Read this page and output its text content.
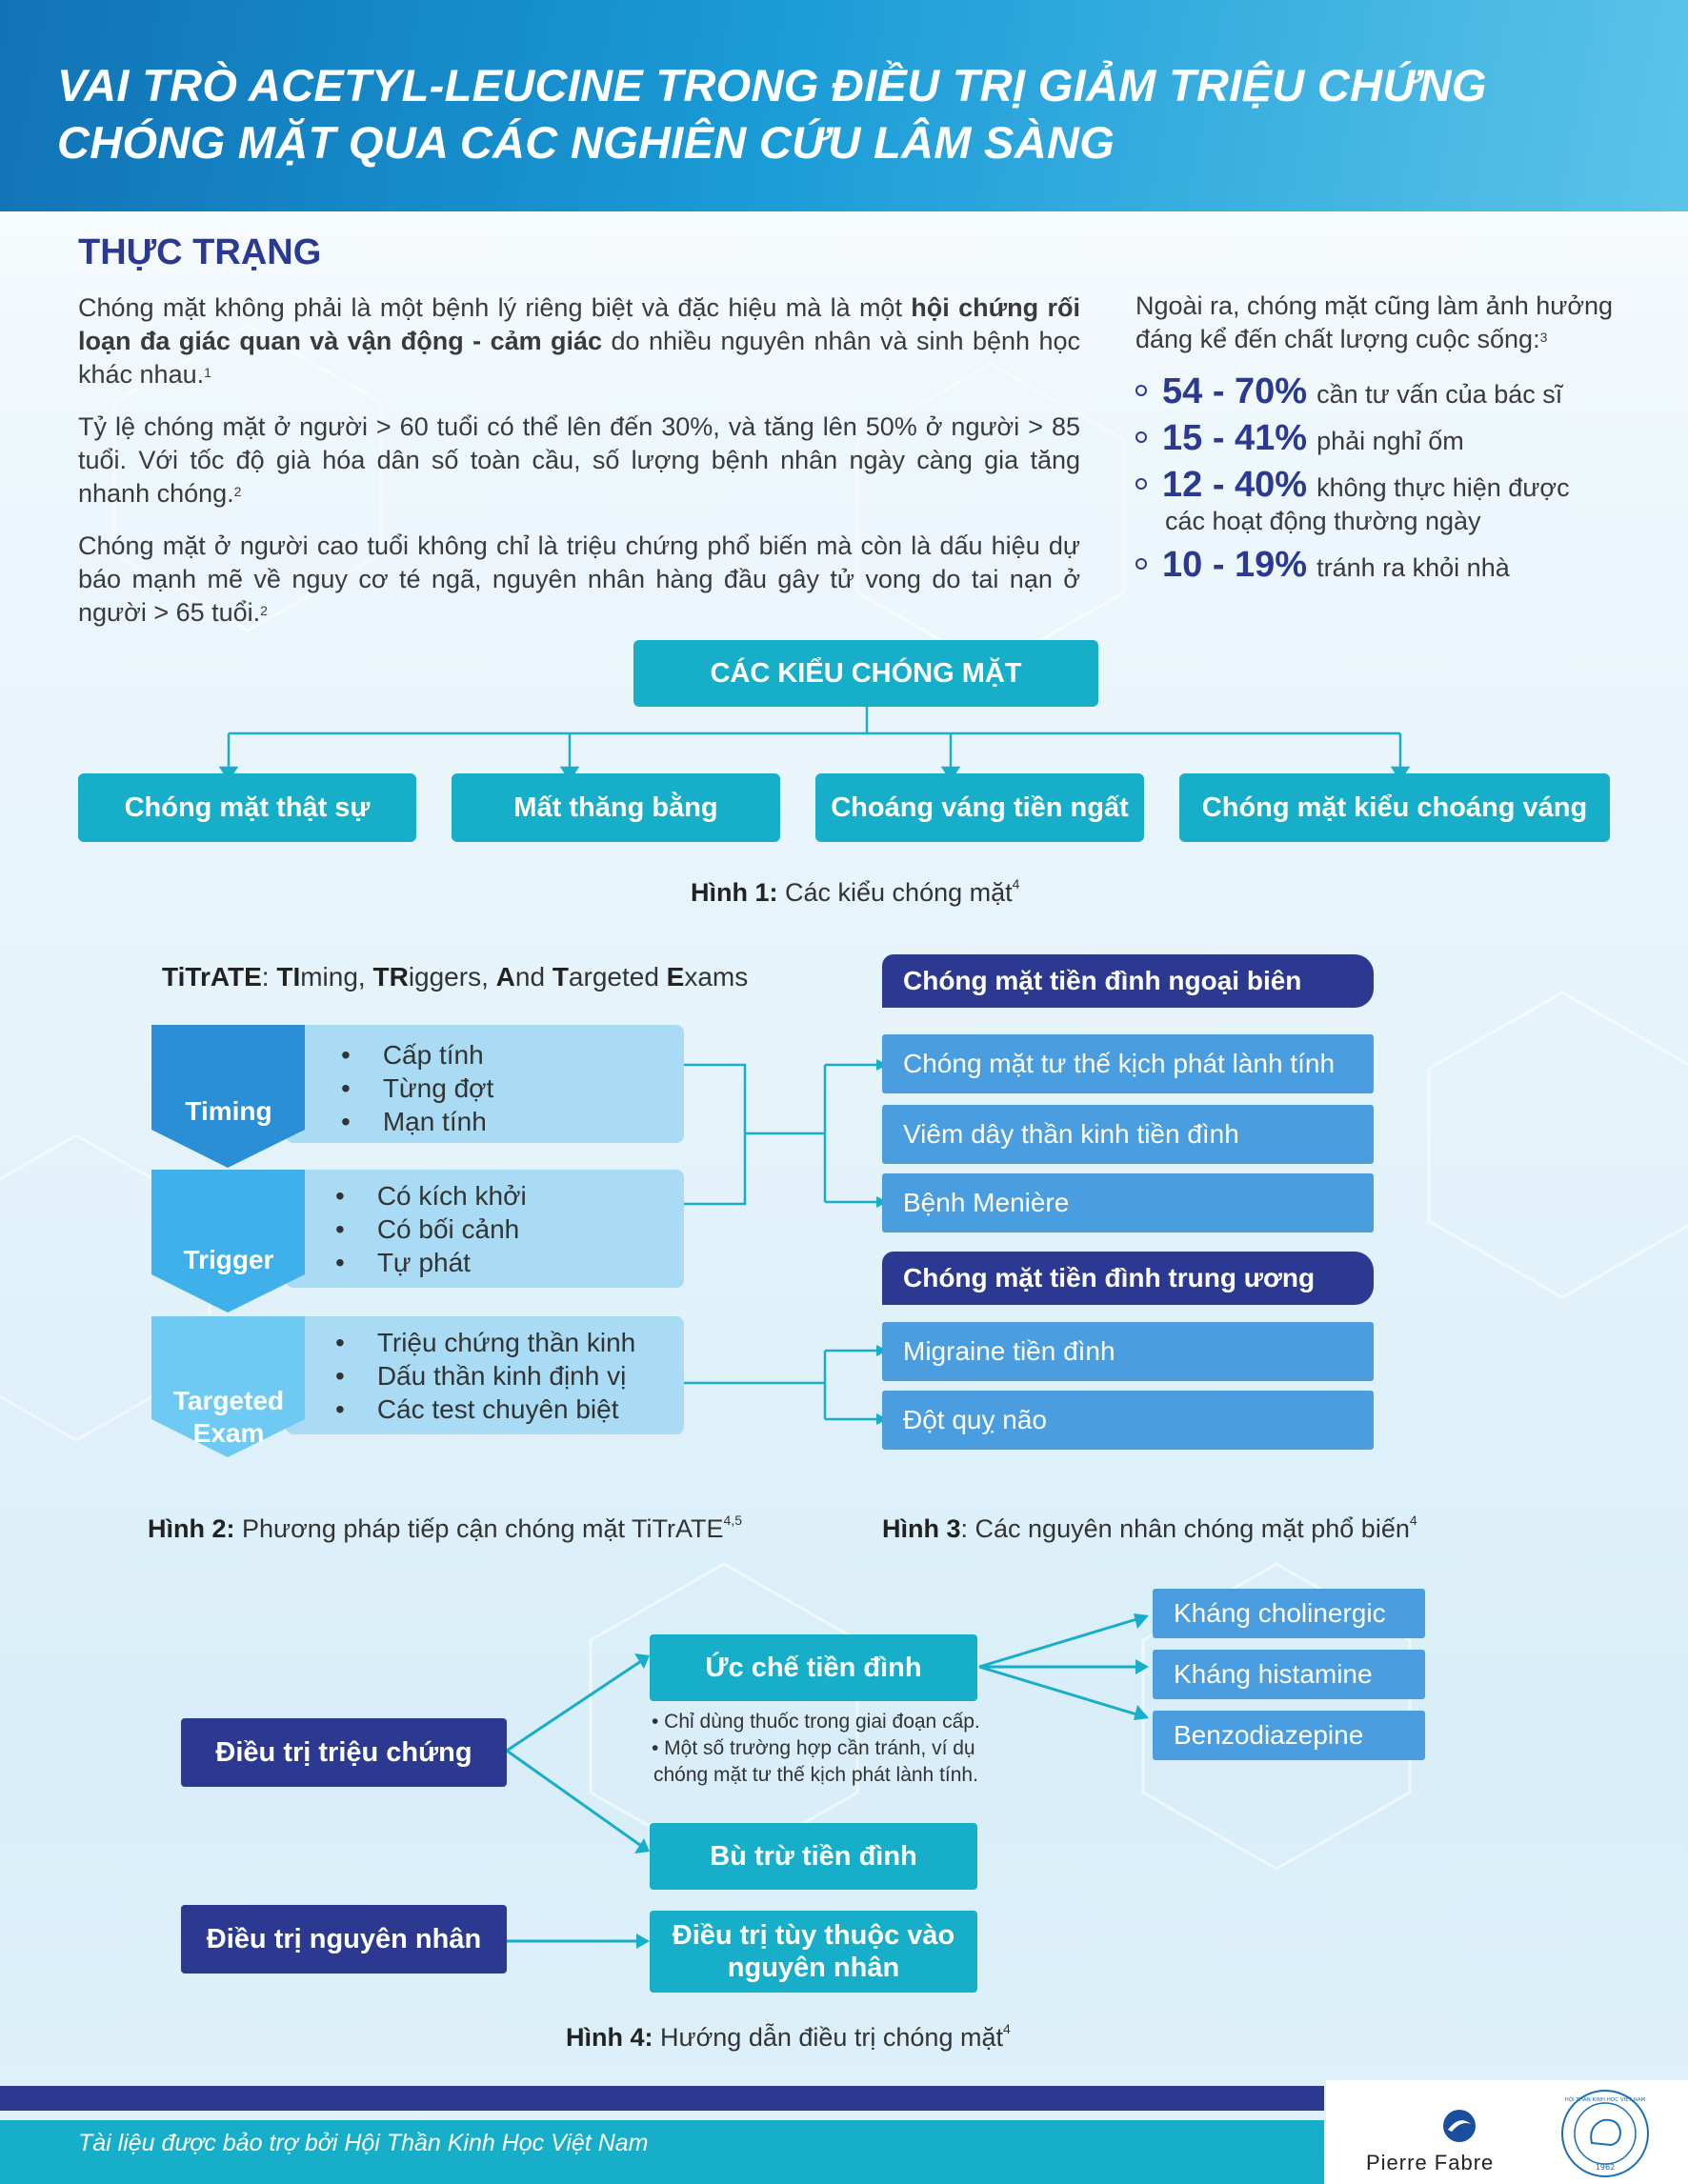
VAI TRÒ ACETYL-LEUCINE TRONG ĐIỀU TRỊ GIẢM TRIỆU CHỨNG
CHÓNG MẶT QUA CÁC NGHIÊN CỨU LÂM SÀNG
THỰC TRẠNG
Chóng mặt không phải là một bệnh lý riêng biệt và đặc hiệu mà là một hội chứng rối loạn đa giác quan và vận động - cảm giác do nhiều nguyên nhân và sinh bệnh học khác nhau.$^1$
Tỷ lệ chóng mặt ở người > 60 tuổi có thể lên đến 30%, và tăng lên 50% ở người > 85 tuổi. Với tốc độ già hóa dân số toàn cầu, số lượng bệnh nhân ngày càng gia tăng nhanh chóng.$^2$
Chóng mặt ở người cao tuổi không chỉ là triệu chứng phổ biến mà còn là dấu hiệu dự báo mạnh mẽ về nguy cơ té ngã, nguyên nhân hàng đầu gây tử vong do tai nạn ở người > 65 tuổi.$^2$
Ngoài ra, chóng mặt cũng làm ảnh hưởng đáng kể đến chất lượng cuộc sống:$^3$
54 - 70% cần tư vấn của bác sĩ
15 - 41% phải nghỉ ốm
12 - 40% không thực hiện được
các hoạt động thường ngày
10 - 19% tránh ra khỏi nhà
CÁC KIỂU CHÓNG MẶT
Chóng mặt thật sự	Mất thăng bằng	Choáng váng tiền ngất	Chóng mặt kiểu choáng váng
Hình 1: Các kiểu chóng mặt$^4$
TiTrATE: TIming, TRiggers, And Targeted Exams
Timing
Trigger
Targeted
Exam
• Cấp tính
• Từng đợt
• Mạn tính
• Có kích khởi
• Có bối cảnh
• Tự phát
• Triệu chứng thần kinh
• Dấu thần kinh định vị
• Các test chuyên biệt
Hình 2: Phương pháp tiếp cận chóng mặt TiTrATE$^{4,5}$
Chóng mặt tiền đình ngoại biên
Chóng mặt tư thế kịch phát lành tính
Viêm dây thần kinh tiền đình
Bệnh Menière
Chóng mặt tiền đình trung ương
Migraine tiền đình
Đột quỵ não
Hình 3: Các nguyên nhân chóng mặt phổ biến$^4$
Điều trị triệu chứng
Điều trị nguyên nhân
Ức chế tiền đình
• Chỉ dùng thuốc trong giai đoạn cấp.
• Một số trường hợp cần tránh, ví dụ
chóng mặt tư thế kịch phát lành tính.
Bù trừ tiền đình
Điều trị tùy thuộc vào
nguyên nhân
Kháng cholinergic
Kháng histamine
Benzodiazepine
Hình 4: Hướng dẫn điều trị chóng mặt$^4$
Tài liệu được bảo trợ bởi Hội Thần Kinh Học Việt Nam
Pierre Fabre	1962
HỘI THẦN KINH HỌC VIỆT NAM
